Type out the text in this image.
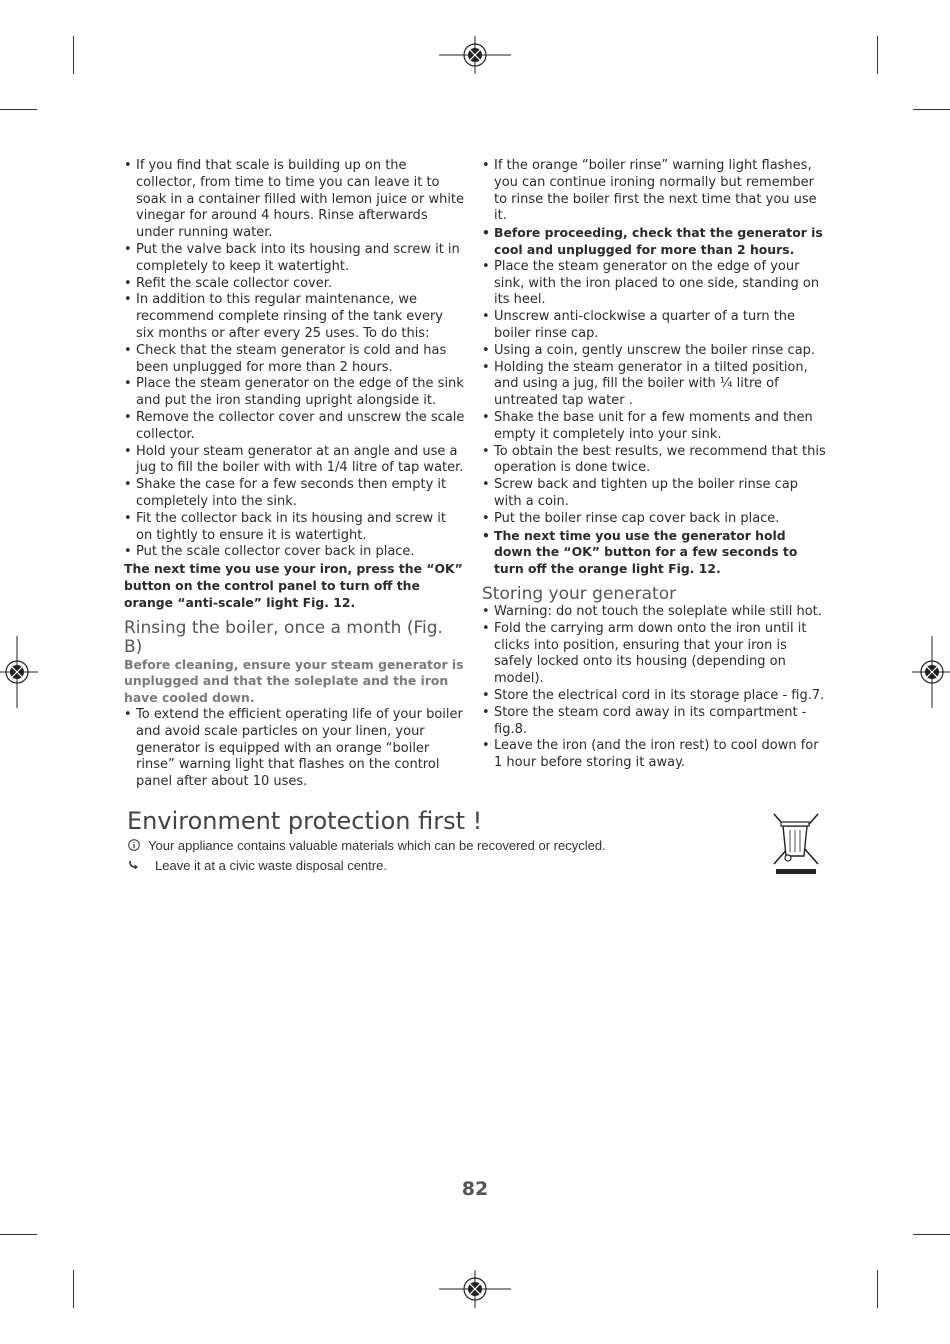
• If you find that scale is building up on the collector, from time to time you can leave it to soak in a container filled with lemon juice or white vinegar for around 4 hours. Rinse afterwards under running water.
• Put the valve back into its housing and screw it in completely to keep it watertight.
• Refit the scale collector cover.
• In addition to this regular maintenance, we recommend complete rinsing of the tank every six months or after every 25 uses. To do this:
• Check that the steam generator is cold and has been unplugged for more than 2 hours.
• Place the steam generator on the edge of the sink and put the iron standing upright alongside it.
• Remove the collector cover and unscrew the scale collector.
• Hold your steam generator at an angle and use a jug to fill the boiler with with 1/4 litre of tap water.
• Shake the case for a few seconds then empty it completely into the sink.
• Fit the collector back in its housing and screw it on tightly to ensure it is watertight.
• Put the scale collector cover back in place.

The next time you use your iron, press the “OK” button on the control panel to turn off the orange “anti-scale” light Fig. 12.

Rinsing the boiler, once a month (Fig. B)

Before cleaning, ensure your steam generator is unplugged and that the soleplate and the iron have cooled down.

• To extend the efficient operating life of your boiler and avoid scale particles on your linen, your generator is equipped with an orange “boiler rinse” warning light that flashes on the control panel after about 10 uses.
• If the orange “boiler rinse” warning light flashes, you can continue ironing normally but remember to rinse the boiler first the next time that you use it.
• Before proceeding, check that the generator is cool and unplugged for more than 2 hours.
• Place the steam generator on the edge of your sink, with the iron placed to one side, standing on its heel.
• Unscrew anti-clockwise a quarter of a turn the boiler rinse cap.
• Using a coin, gently unscrew the boiler rinse cap.
• Holding the steam generator in a tilted position, and using a jug, fill the boiler with ¼ litre of untreated tap water .
• Shake the base unit for a few moments and then empty it completely into your sink.
• To obtain the best results, we recommend that this operation is done twice.
• Screw back and tighten up the boiler rinse cap with a coin.
• Put the boiler rinse cap cover back in place.
• The next time you use the generator hold down the “OK” button for a few seconds to turn off the orange light Fig. 12.
Storing your generator
• Warning: do not touch the soleplate while still hot.
• Fold the carrying arm down onto the iron until it clicks into position, ensuring that your iron is safely locked onto its housing (depending on model).
• Store the electrical cord in its storage place - fig.7.
• Store the steam cord away in its compartment - fig.8.
• Leave the iron (and the iron rest) to cool down for 1 hour before storing it away.
Environment protection first !
Your appliance contains valuable materials which can be recovered or recycled.
Leave it at a civic waste disposal centre.
82
